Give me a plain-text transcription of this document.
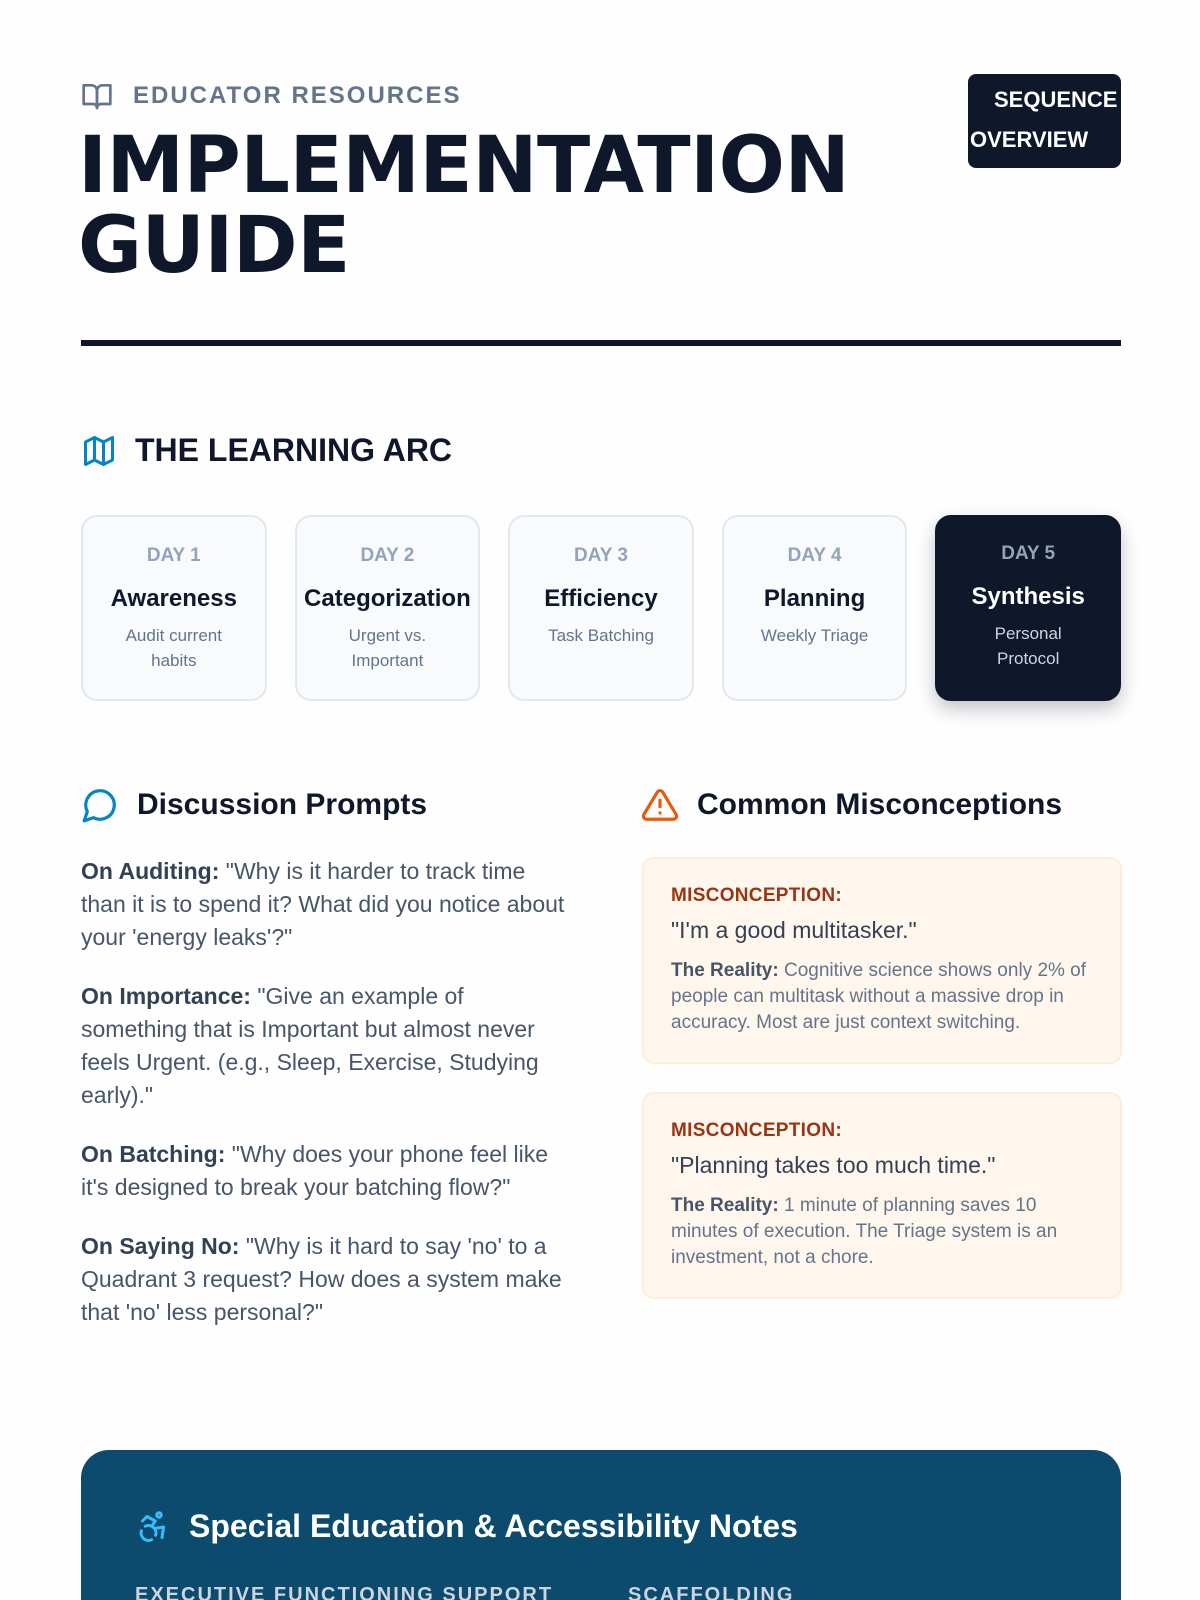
EDUCATOR RESOURCES	SEQUENCE
OVERVIEW
IMPLEMENTATION
GUIDE
THE LEARNING ARC
DAY 1
Awareness
Audit current habits
DAY 2
Categorization
Urgent vs. Important
DAY 3
Efficiency
Task Batching
DAY 4
Planning
Weekly Triage
DAY 5
Synthesis
Personal Protocol
Discussion Prompts

On Auditing: "Why is it harder to track time than it is to spend it? What did you notice about your 'energy leaks'?"

On Importance: "Give an example of something that is Important but almost never feels Urgent. (e.g., Sleep, Exercise, Studying early)."

On Batching: "Why does your phone feel like it's designed to break your batching flow?"

On Saying No: "Why is it hard to say 'no' to a Quadrant 3 request? How does a system make that 'no' less personal?"

Common Misconceptions
MISCONCEPTION:
"I'm a good multitasker."
The Reality: Cognitive science shows only 2% of people can multitask without a massive drop in accuracy. Most are just context switching.
MISCONCEPTION:
"Planning takes too much time."
The Reality: 1 minute of planning saves 10 minutes of execution. The Triage system is an investment, not a chore.
Special Education & Accessibility Notes
EXECUTIVE FUNCTIONING SUPPORT	SCAFFOLDING
